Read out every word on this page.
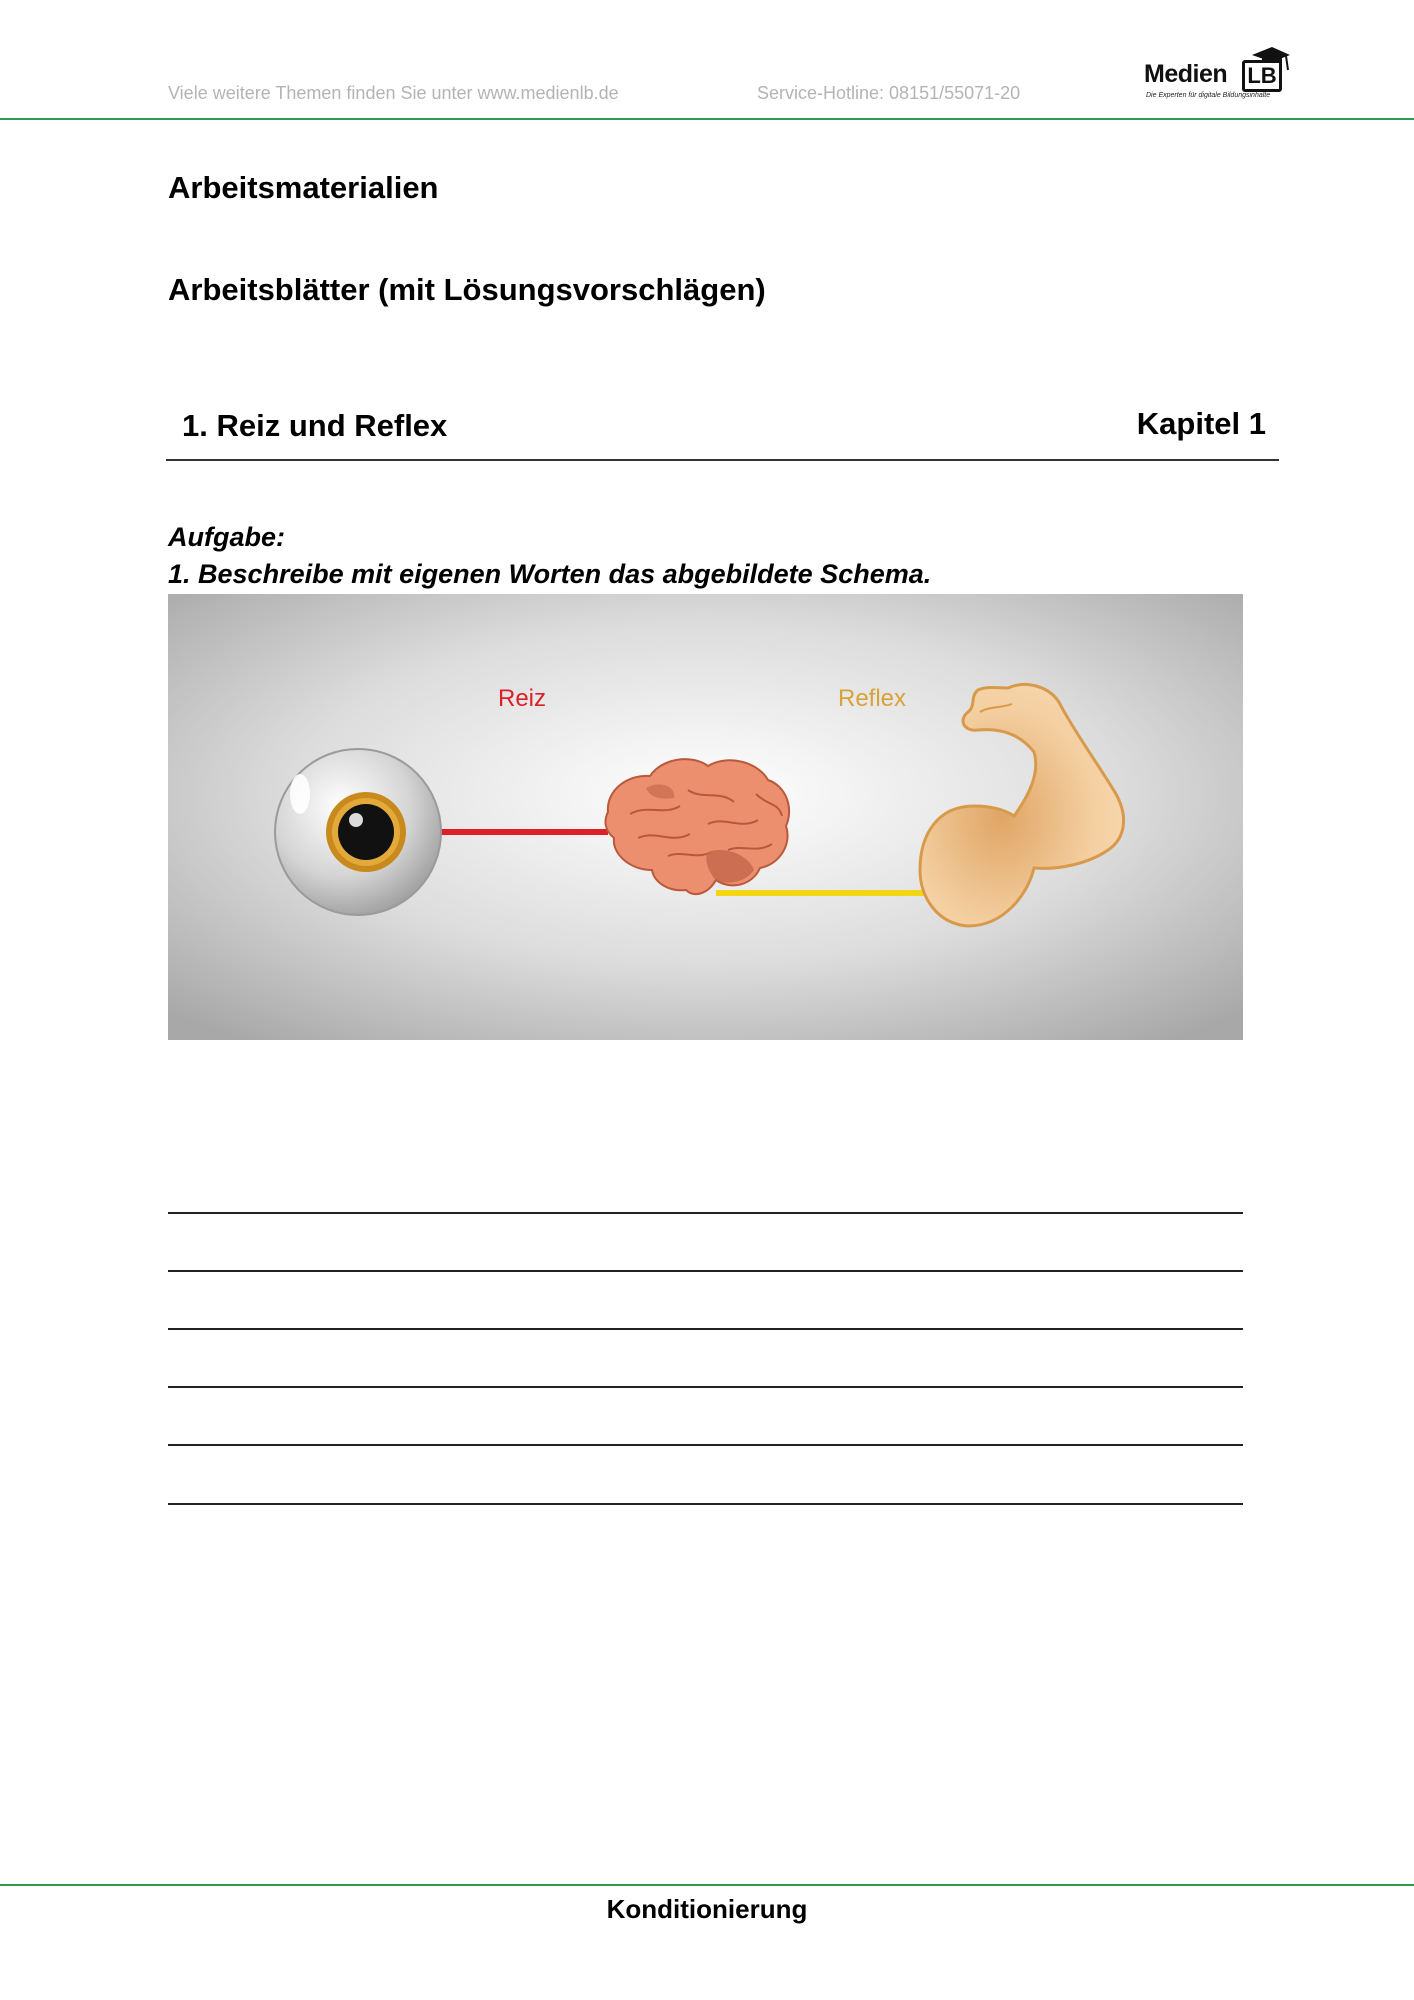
Viele weitere Themen finden Sie unter www.medienlb.de	Service-Hotline: 08151/55071-20
Medien LB
Die Experten für digitale Bildungsinhalte
Arbeitsmaterialien
Arbeitsblätter (mit Lösungsvorschlägen)
1. Reiz und Reflex	Kapitel 1
Aufgabe:
1. Beschreibe mit eigenen Worten das abgebildete Schema.
Reiz	Reflex
Konditionierung
